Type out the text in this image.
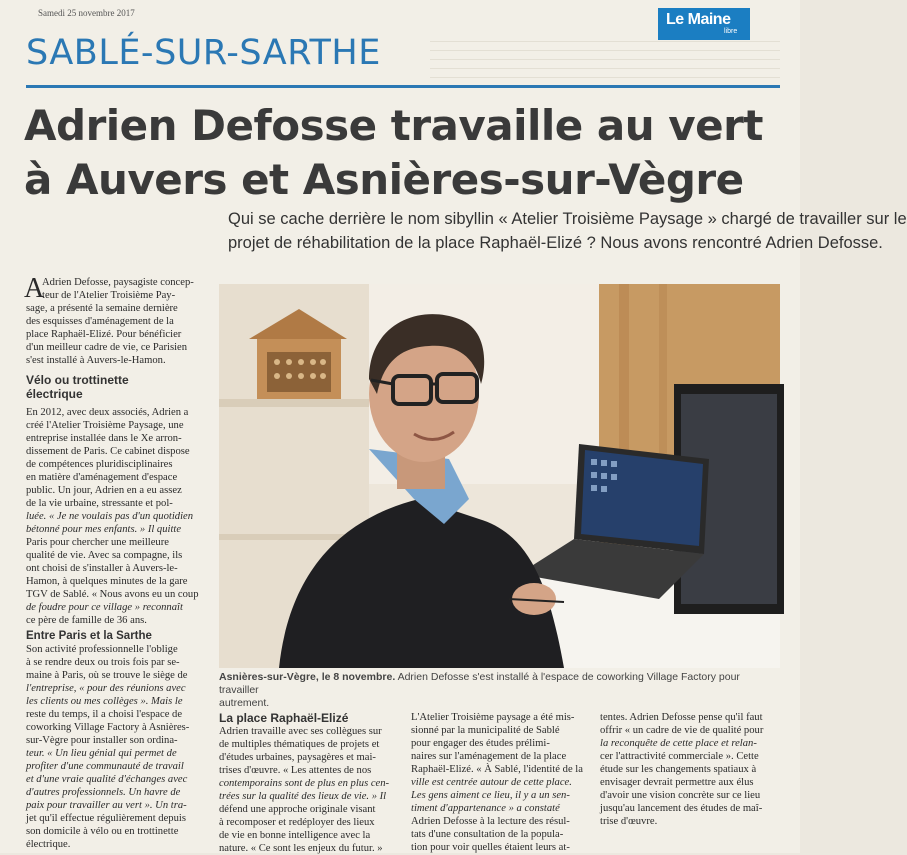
Samedi 25 novembre 2017	Le Maine
libre
SABLÉ-SUR-SARTHE
Adrien Defosse travaille au vert
à Auvers et Asnières-sur-Vègre
Qui se cache derrière le nom sibyllin « Atelier Troisième Paysage » chargé de travailler sur le
projet de réhabilitation de la place Raphaël-Elizé ? Nous avons rencontré Adrien Defosse.
A
Adrien Defosse, paysagiste concep-
teur de l'Atelier Troisième Pay-
sage, a présenté la semaine dernière
des esquisses d'aménagement de la
place Raphaël-Elizé. Pour bénéficier
d'un meilleur cadre de vie, ce Parisien
s'est installé à Auvers-le-Hamon.
Vélo ou trottinette
électrique
En 2012, avec deux associés, Adrien a
créé l'Atelier Troisième Paysage, une
entreprise installée dans le Xe arron-
dissement de Paris. Ce cabinet dispose
de compétences pluridisciplinaires
en matière d'aménagement d'espace
public. Un jour, Adrien en a eu assez
de la vie urbaine, stressante et pol-
luée. « Je ne voulais pas d'un quotidien
bétonné pour mes enfants. » Il quitte
Paris pour chercher une meilleure
qualité de vie. Avec sa compagne, ils
ont choisi de s'installer à Auvers-le-
Hamon, à quelques minutes de la gare
TGV de Sablé. « Nous avons eu un coup
de foudre pour ce village » reconnaît
ce père de famille de 36 ans.
Entre Paris et la Sarthe
Son activité professionnelle l'oblige
à se rendre deux ou trois fois par se-
maine à Paris, où se trouve le siège de
l'entreprise, « pour des réunions avec
les clients ou mes collèges ». Mais le
reste du temps, il a choisi l'espace de
coworking Village Factory à Asnières-
sur-Vègre pour installer son ordina-
teur. « Un lieu génial qui permet de
profiter d'une communauté de travail
et d'une vraie qualité d'échanges avec
d'autres professionnels. Un havre de
paix pour travailler au vert ». Un tra-
jet qu'il effectue régulièrement depuis
son domicile à vélo ou en trottinette
électrique.
Asnières-sur-Vègre, le 8 novembre. Adrien Defosse s'est installé à l'espace de coworking Village Factory pour travailler
autrement.
La place Raphaël-Elizé
Adrien travaille avec ses collègues sur
de multiples thématiques de projets et
d'études urbaines, paysagères et mai-
trises d'œuvre. « Les attentes de nos
contemporains sont de plus en plus cen-
trées sur la qualité des lieux de vie. » Il
défend une approche originale visant
à recomposer et redéployer des lieux
de vie en bonne intelligence avec la
nature. « Ce sont les enjeux du futur. »
L'Atelier Troisième paysage a été mis-
sionné par la municipalité de Sablé
pour engager des études prélimi-
naires sur l'aménagement de la place
Raphaël-Elizé. « À Sablé, l'identité de la
ville est centrée autour de cette place.
Les gens aiment ce lieu, il y a un sen-
timent d'appartenance » a constaté
Adrien Defosse à la lecture des résul-
tats d'une consultation de la popula-
tion pour voir quelles étaient leurs at-
tentes. Adrien Defosse pense qu'il faut
offrir « un cadre de vie de qualité pour
la reconquête de cette place et relan-
cer l'attractivité commerciale ». Cette
étude sur les changements spatiaux à
envisager devrait permettre aux élus
d'avoir une vision concrète sur ce lieu
jusqu'au lancement des études de maî-
trise d'œuvre.
